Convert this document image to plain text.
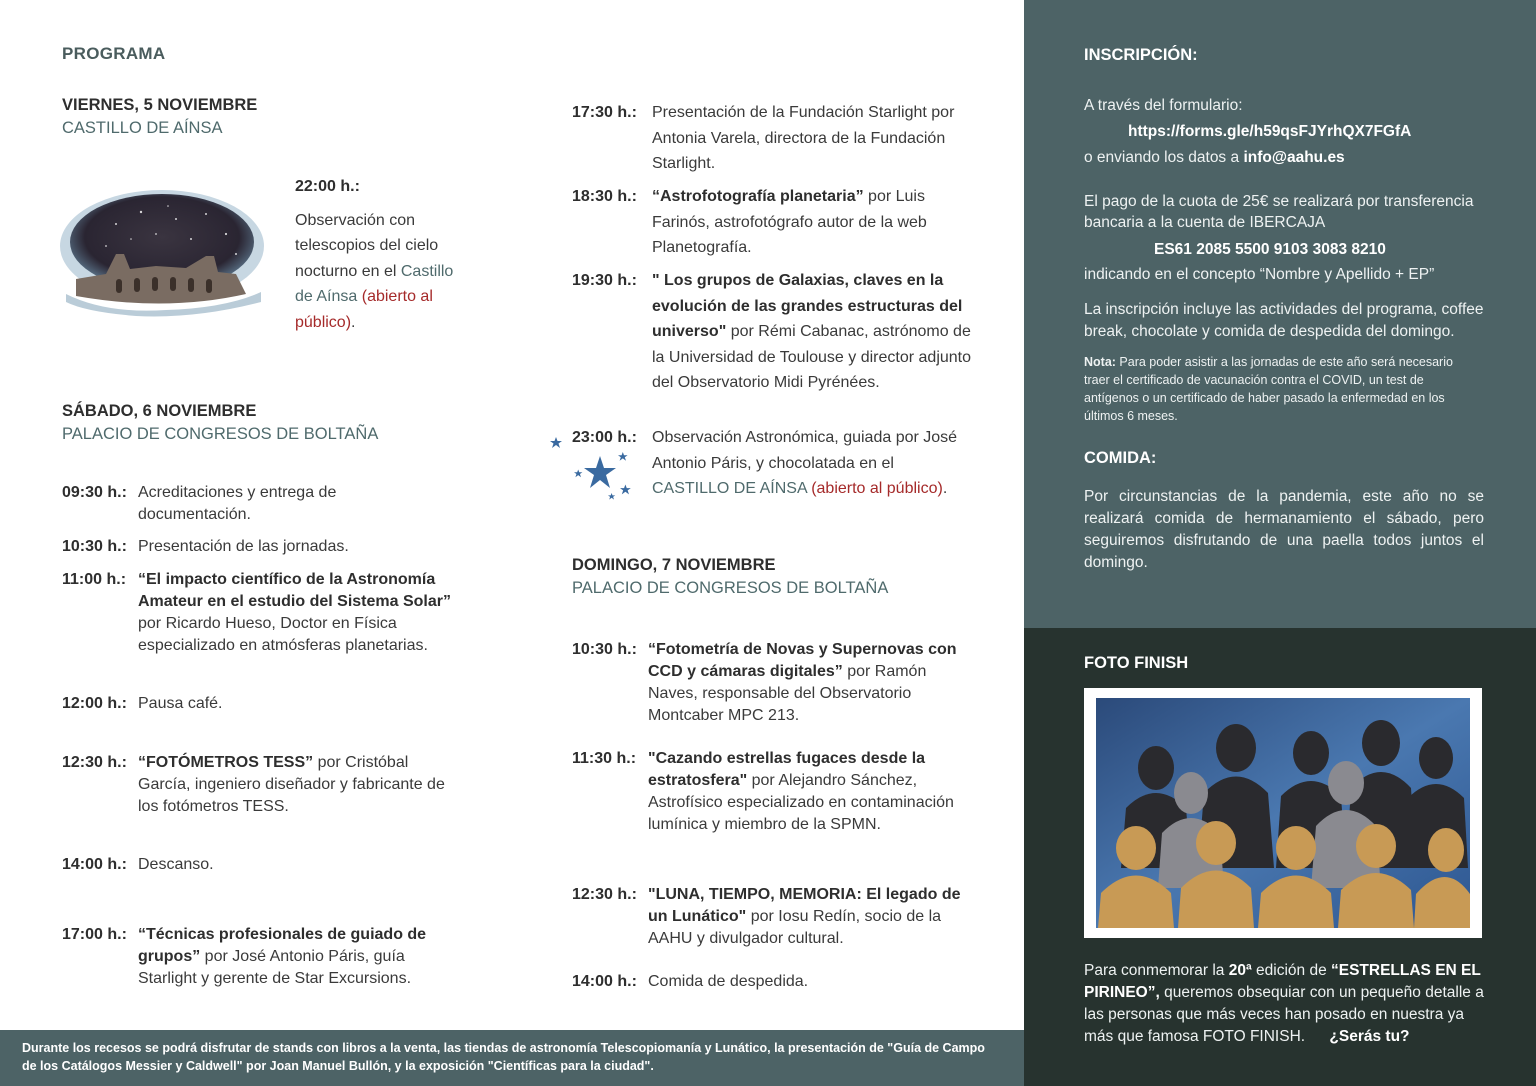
PROGRAMA
VIERNES, 5 NOVIEMBRE
CASTILLO DE AÍNSA
22:00 h.:
Observación con telescopios del cielo nocturno en el Castillo de Aínsa (abierto al público).
SÁBADO, 6 NOVIEMBRE
PALACIO DE CONGRESOS DE BOLTAÑA
09:30 h.: Acreditaciones y entrega de documentación.
10:30 h.: Presentación de las jornadas.
11:00 h.: “El impacto científico de la Astronomía Amateur en el estudio del Sistema Solar” por Ricardo Hueso, Doctor en Física especializado en atmósferas planetarias.
12:00 h.: Pausa café.
12:30 h.: “FOTÓMETROS TESS” por Cristóbal García, ingeniero diseñador y fabricante de los fotómetros TESS.
14:00 h.: Descanso.
17:00 h.: “Técnicas profesionales de guiado de grupos” por José Antonio Páris, guía Starlight y gerente de Star Excursions.
17:30 h.: Presentación de la Fundación Starlight por Antonia Varela, directora de la Fundación Starlight.
18:30 h.: “Astrofotografía planetaria” por Luis Farinós, astrofotógrafo autor de la web Planetografía.
19:30 h.: " Los grupos de Galaxias, claves en la evolución de las grandes estructuras del universo" por Rémi Cabanac, astrónomo de la Universidad de Toulouse y director adjunto del Observatorio Midi Pyrénées.
23:00 h.: Observación Astronómica, guiada por José Antonio Páris, y chocolatada en el CASTILLO DE AÍNSA (abierto al público).
DOMINGO, 7 NOVIEMBRE
PALACIO DE CONGRESOS DE BOLTAÑA
10:30 h.: “Fotometría de Novas y Supernovas con CCD y cámaras digitales” por Ramón Naves, responsable del Observatorio Montcaber MPC 213.
11:30 h.: "Cazando estrellas fugaces desde la estratosfera" por Alejandro Sánchez, Astrofísico especializado en contaminación lumínica y miembro de la SPMN.
12:30 h.: "LUNA, TIEMPO, MEMORIA: El legado de un Lunático" por Iosu Redín, socio de la AAHU y divulgador cultural.
14:00 h.: Comida de despedida.
Durante los recesos se podrá disfrutar de stands con libros a la venta, las tiendas de astronomía Telescopiomanía y Lunático, la presentación de "Guía de Campo de los Catálogos Messier y Caldwell" por Joan Manuel Bullón, y la exposición "Científicas para la ciudad".
INSCRIPCIÓN:
A través del formulario:
https://forms.gle/h59qsFJYrhQX7FGfA
o enviando los datos a info@aahu.es
El pago de la cuota de 25€ se realizará por transferencia bancaria a la cuenta de IBERCAJA
ES61 2085 5500 9103 3083 8210
indicando en el concepto “Nombre y Apellido + EP”
La inscripción incluye las actividades del programa, coffee break, chocolate y comida de despedida del domingo.
Nota: Para poder asistir a las jornadas de este año será necesario traer el certificado de vacunación contra el COVID, un test de antígenos o un certificado de haber pasado la enfermedad en los últimos 6 meses.
COMIDA:
Por circunstancias de la pandemia, este año no se realizará comida de hermanamiento el sábado, pero seguiremos disfrutando de una paella todos juntos el domingo.
FOTO FINISH
Para conmemorar la 20ª edición de “ESTRELLAS EN EL PIRINEO”, queremos obsequiar con un pequeño detalle a las personas que más veces han posado en nuestra ya más que famosa FOTO FINISH. ¿Serás tu?
